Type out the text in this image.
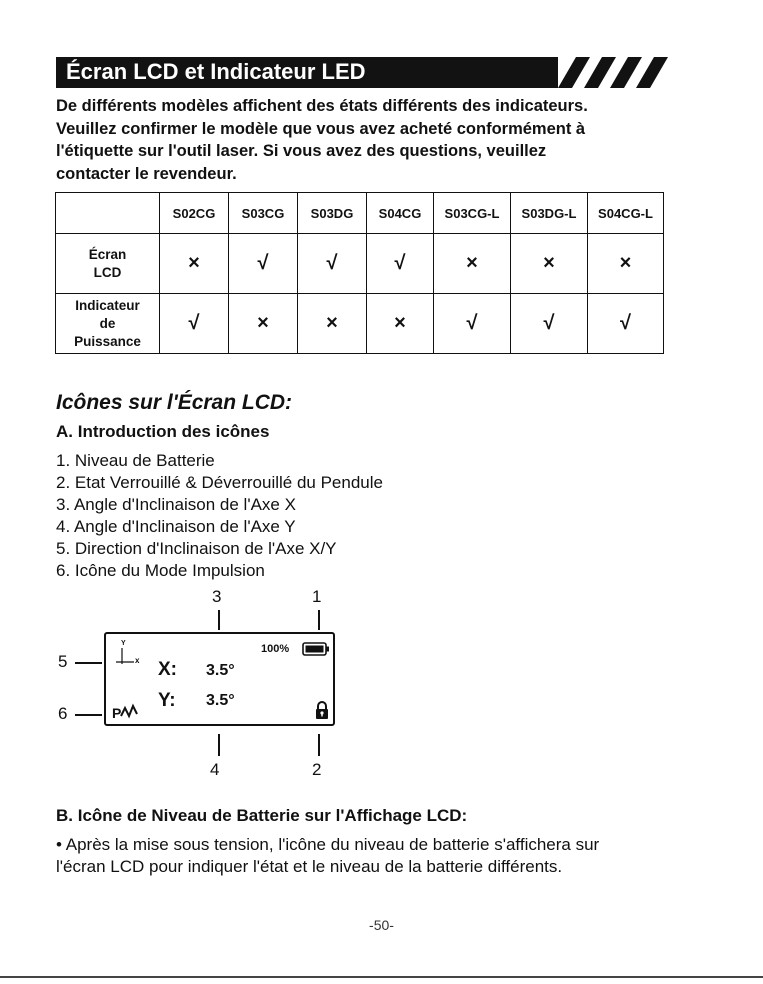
Écran LCD et Indicateur LED

De différents modèles affichent des états différents des indicateurs.

Veuillez confirmer le modèle que vous avez acheté conformément à

l'étiquette sur l'outil laser. Si vous avez des questions, veuillez

contacter le revendeur.

	S02CG	S03CG	S03DG	S04CG	S03CG-L	S03DG-L	S04CG-L
Écran
LCD	×	√	√	√	×	×	×
Indicateur
de
Puissance	√	×	×	×	√	√	√
Icônes sur l'Écran LCD:
A. Introduction des icônes
1. Niveau de Batterie
2. Etat Verrouillé & Déverrouillé du Pendule
3. Angle d'Inclinaison de l'Axe X
4. Angle d'Inclinaison de l'Axe Y
5. Direction d'Inclinaison de l'Axe X/Y
6. Icône du Mode Impulsion
3	1
5
6
4	2
Y
x X: 3.5°
Y: 3.5°
100%
P
B. Icône de Niveau de Batterie sur l'Affichage LCD:

• Après la mise sous tension, l'icône du niveau de batterie s'affichera sur

l'écran LCD pour indiquer l'état et le niveau de la batterie différents.

-50-
